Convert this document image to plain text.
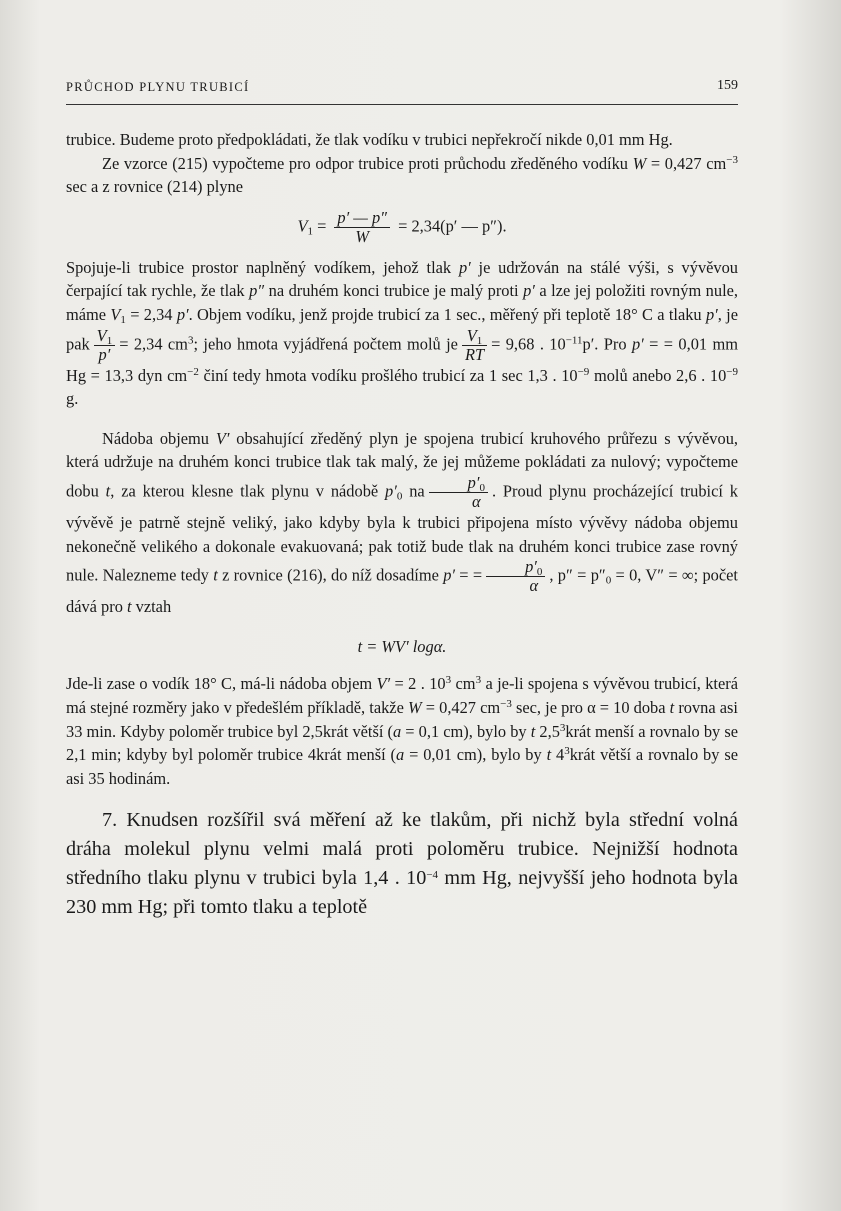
PRŮCHOD PLYNU TRUBICÍ	159

trubice. Budeme proto předpokládati, že tlak vodíku v trubici nepřekročí nikde 0,01 mm Hg.

Ze vzorce (215) vypočteme pro odpor trubice proti průchodu zředěného vodíku W = 0,427 $cm^{-3}$ sec a z rovnice (214) plyne

$V_1 = \frac{p' — p''}{W} = 2,34(p'$ — p″).

Spojuje-li trubice prostor naplněný vodíkem, jehož tlak p′ je udržován na stálé výši, s vývěvou čerpající tak rychle, že tlak p″ na druhém konci trubice je malý proti p′ a lze jej položiti rovným nule, máme $V_1 = 2,34$ p′. Objem vodíku, jenž projde trubicí za 1 sec., měřený při teplotě 18° C a tlaku p′, je pak $\frac{V_1}{p'} = 2,34$ $cm^3$; jeho hmota vyjádřená počtem molů je $\frac{V_1}{RT} = 9,68$ . $10^{-11}p'$. Pro p′ = = 0,01 mm Hg = 13,3 dyn $cm^{-2}$ činí tedy hmota vodíku prošlého trubicí za 1 sec 1,3 . $10^{-9}$ molů anebo 2,6 . $10^{-9}$ g.

Nádoba objemu V′ obsahující zředěný plyn je spojena trubicí kruhového průřezu s vývěvou, která udržuje na druhém konci trubice tlak tak malý, že jej můžeme pokládati za nulový; vypočteme dobu t, za kterou klesne tlak plynu v nádobě $p'_0$ na $\frac{p'_0}{\alpha}$ . Proud plynu procházející trubicí k vývěvě je patrně stejně veliký, jako kdyby byla k trubici připojena místo vývěvy nádoba objemu nekonečně velikého a dokonale evakuovaná; pak totiž bude tlak na druhém konci trubice zase rovný nule. Nalezneme tedy t z rovnice (216), do níž dosadíme p′ = = $\frac{p'_0}{\alpha}$ , $p'' = p''_0 = 0$, V″ = ∞; počet dává pro t vztah

t = WV′ logα.

Jde-li zase o vodík 18° C, má-li nádoba objem V′ = 2 . $10^3$ $cm^3$ a je-li spojena s vývěvou trubicí, která má stejné rozměry jako v předešlém příkladě, takže W = 0,427 $cm^{-3}$ sec, je pro α = 10 doba t rovna asi 33 min. Kdyby poloměr trubice byl 2,5krát větší (a = 0,1 cm), bylo by t $2,5^3krát$ menší a rovnalo by se 2,1 min; kdyby byl poloměr trubice 4krát menší (a = 0,01 cm), bylo by t $4^3krát$ větší a rovnalo by se asi 35 hodinám.

7. Knudsen rozšířil svá měření až ke tlakům, při nichž byla střední volná dráha molekul plynu velmi malá proti poloměru trubice. Nejnižší hodnota středního tlaku plynu v trubici byla 1,4 . $10^{-4}$ mm Hg, nejvyšší jeho hodnota byla 230 mm Hg; při tomto tlaku a teplotě
